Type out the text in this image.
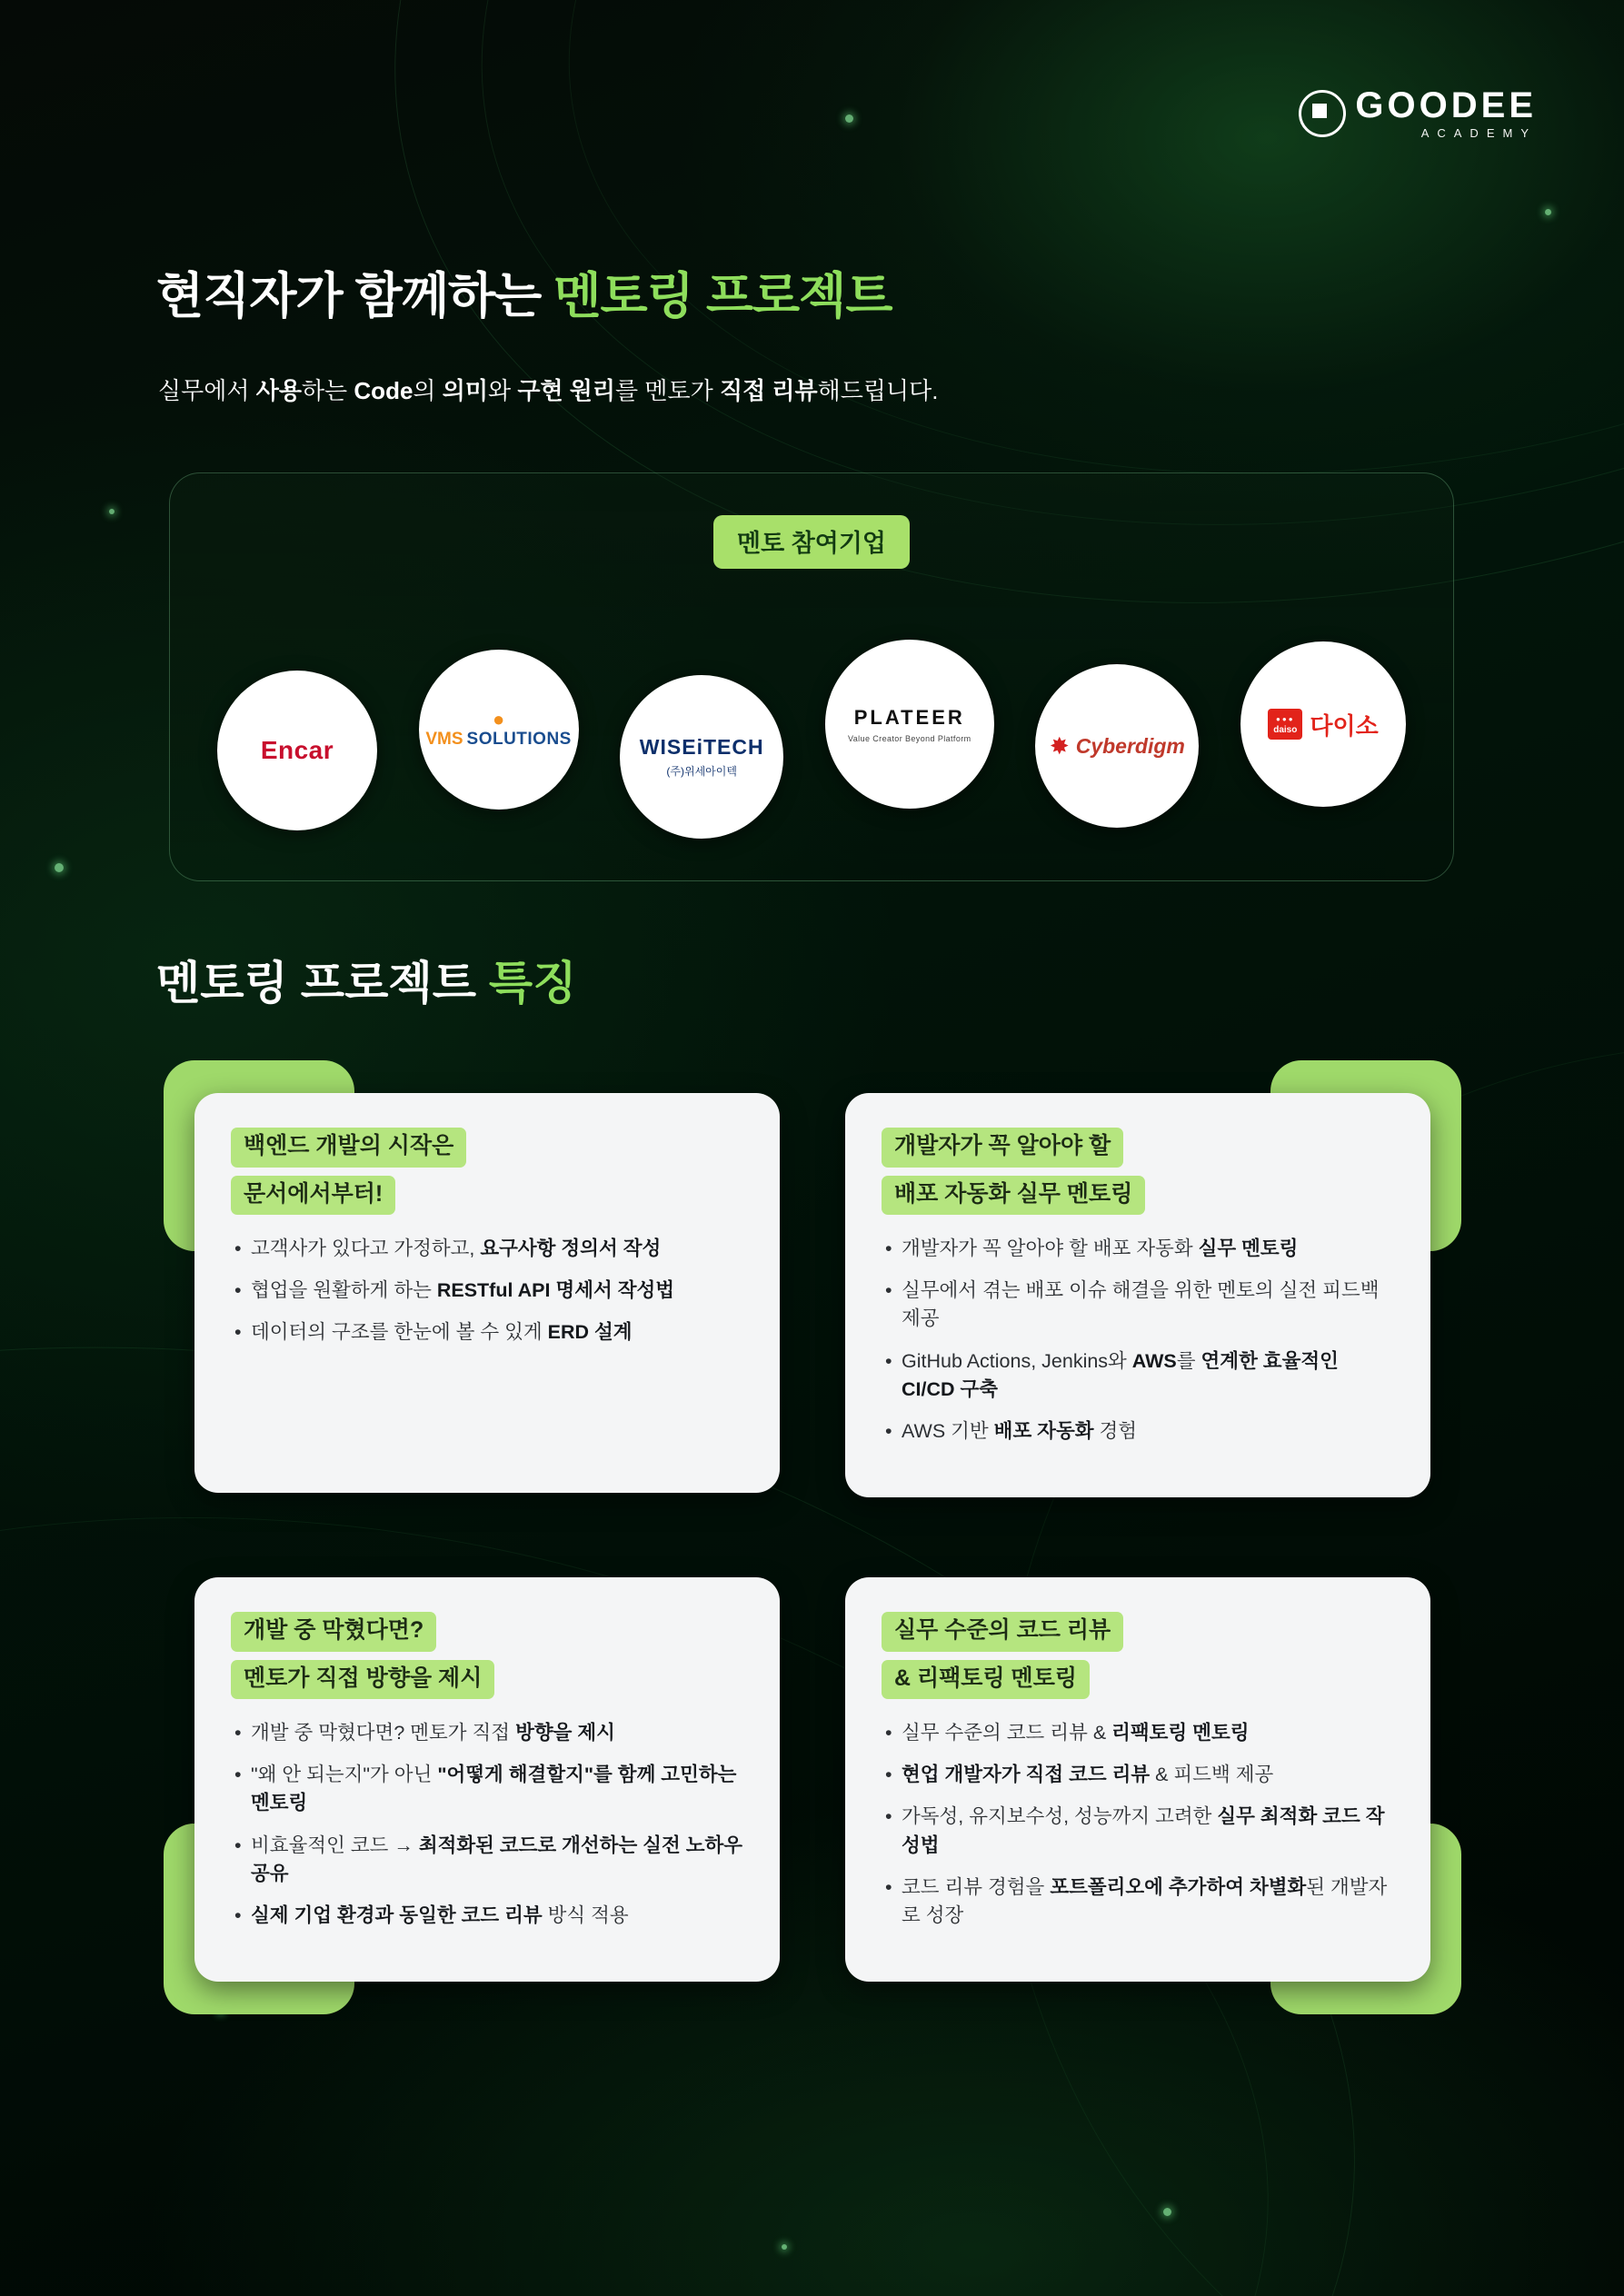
GOODEE
ACADEMY
현직자가 함께하는 멘토링 프로젝트
실무에서 사용하는 Code의 의미와 구현 원리를 멘토가 직접 리뷰해드립니다.
멘토 참여기업
Encar
●
VMS SOLUTIONS	WISEiTECH
(주)위세아이텍
PLATEER
Value Creator Beyond Platform	✸ Cyberdigm
●●●
daiso 다이소
멘토링 프로젝트 특징
백엔드 개발의 시작은
문서에서부터!
• 고객사가 있다고 가정하고, 요구사항 정의서 작성
• 협업을 원활하게 하는 RESTful API 명세서 작성법
• 데이터의 구조를 한눈에 볼 수 있게 ERD 설계
개발자가 꼭 알아야 할
배포 자동화 실무 멘토링
• 개발자가 꼭 알아야 할 배포 자동화 실무 멘토링
• 실무에서 겪는 배포 이슈 해결을 위한 멘토의 실전 피드백 제공
• GitHub Actions, Jenkins와 AWS를 연계한 효율적인 CI/CD 구축
• AWS 기반 배포 자동화 경험
개발 중 막혔다면?
멘토가 직접 방향을 제시
• 개발 중 막혔다면? 멘토가 직접 방향을 제시
• "왜 안 되는지"가 아닌 "어떻게 해결할지"를 함께 고민하는 멘토링
• 비효율적인 코드 → 최적화된 코드로 개선하는 실전 노하우 공유
• 실제 기업 환경과 동일한 코드 리뷰 방식 적용
실무 수준의 코드 리뷰
& 리팩토링 멘토링
• 실무 수준의 코드 리뷰 & 리팩토링 멘토링
• 현업 개발자가 직접 코드 리뷰 & 피드백 제공
• 가독성, 유지보수성, 성능까지 고려한 실무 최적화 코드 작성법
• 코드 리뷰 경험을 포트폴리오에 추가하여 차별화된 개발자로 성장
